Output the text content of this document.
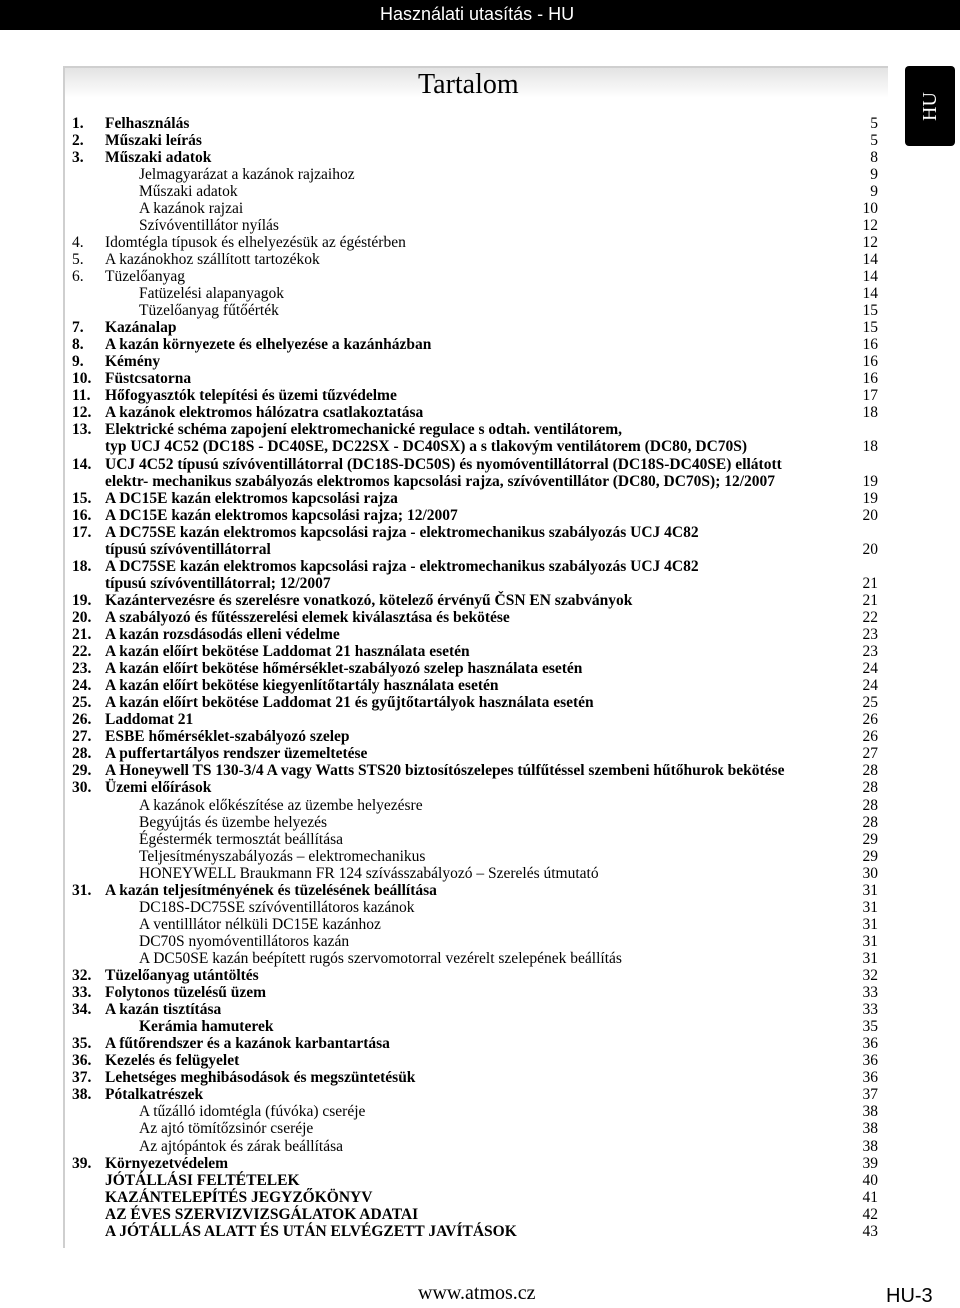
Használati utasítás - HU
Tartalom
HU
1. Felhasználás	5
2. Műszaki leírás	5
3. Műszaki adatok	8
Jelmagyarázat a kazánok rajzaihoz	9
Műszaki adatok	9
A kazánok rajzai	10
Szívóventillátor nyílás	12
4. Idomtégla típusok és elhelyezésük az égéstérben	12
5. A kazánokhoz szállított tartozékok	14
6. Tüzelőanyag	14
Fatüzelési alapanyagok	14
Tüzelőanyag fűtőérték	15
7. Kazánalap	15
8. A kazán környezete és elhelyezése a kazánházban	16
9. Kémény	16
10. Füstcsatorna	16
11. Hőfogyasztók telepítési és üzemi tűzvédelme	17
12. A kazánok elektromos hálózatra csatlakoztatása	18
13. Elektrické schéma zapojení elektromechanické regulace s odtah. ventilátorem,
typ UCJ 4C52 (DC18S - DC40SE, DC22SX - DC40SX) a s tlakovým ventilátorem (DC80, DC70S)	18
14. UCJ 4C52 típusú szívóventillátorral (DC18S-DC50S) és nyomóventillátorral (DC18S-DC40SE) ellátott
elektr- mechanikus szabályozás elektromos kapcsolási rajza, szívóventillátor (DC80, DC70S); 12/2007	19
15. A DC15E kazán elektromos kapcsolási rajza	19
16. A DC15E kazán elektromos kapcsolási rajza; 12/2007	20
17. A DC75SE kazán elektromos kapcsolási rajza - elektromechanikus szabályozás UCJ 4C82
típusú szívóventillátorral	20
18. A DC75SE kazán elektromos kapcsolási rajza - elektromechanikus szabályozás UCJ 4C82
típusú szívóventillátorral; 12/2007	21
19. Kazántervezésre és szerelésre vonatkozó, kötelező érvényű ČSN EN szabványok	21
20. A szabályozó és fűtésszerelési elemek kiválasztása és bekötése	22
21. A kazán rozsdásodás elleni védelme	23
22. A kazán előírt bekötése Laddomat 21 használata esetén	23
23. A kazán előírt bekötése hőmérséklet-szabályozó szelep használata esetén	24
24. A kazán előírt bekötése kiegyenlítőtartály használata esetén	24
25. A kazán előírt bekötése Laddomat 21 és gyűjtőtartályok használata esetén	25
26. Laddomat 21	26
27. ESBE hőmérséklet-szabályozó szelep	26
28. A puffertartályos rendszer üzemeltetése	27
29. A Honeywell TS 130-3/4 A vagy Watts STS20 biztosítószelepes túlfűtéssel szembeni hűtőhurok bekötése	28
30. Üzemi előírások	28
A kazánok előkészítése az üzembe helyezésre	28
Begyújtás és üzembe helyezés	28
Égéstermék termosztát beállítása	29
Teljesítményszabályozás – elektromechanikus	29
HONEYWELL Braukmann FR 124 szívásszabályozó – Szerelés útmutató	30
31. A kazán teljesítményének és tüzelésének beállítása	31
DC18S-DC75SE szívóventillátoros kazánok	31
A ventilllátor nélküli DC15E kazánhoz	31
DC70S nyomóventillátoros kazán	31
A DC50SE kazán beépített rugós szervomotorral vezérelt szelepének beállítás	31
32. Tüzelőanyag utántöltés	32
33. Folytonos tüzelésű üzem	33
34. A kazán tisztítása	33
Kerámia hamuterek	35
35. A fűtőrendszer és a kazánok karbantartása	36
36. Kezelés és felügyelet	36
37. Lehetséges meghibásodások és megszüntetésük	36
38. Pótalkatrészek	37
A tűzálló idomtégla (fúvóka) cseréje	38
Az ajtó tömítőzsinór cseréje	38
Az ajtópántok és zárak beállítása	38
39. Környezetvédelem	39
JÓTÁLLÁSI FELTÉTELEK	40
KAZÁNTELEPÍTÉS JEGYZŐKÖNYV	41
AZ ÉVES SZERVIZVIZSGÁLATOK ADATAI	42
A JÓTÁLLÁS ALATT ÉS UTÁN ELVÉGZETT JAVÍTÁSOK	43
www.atmos.cz	HU-3
